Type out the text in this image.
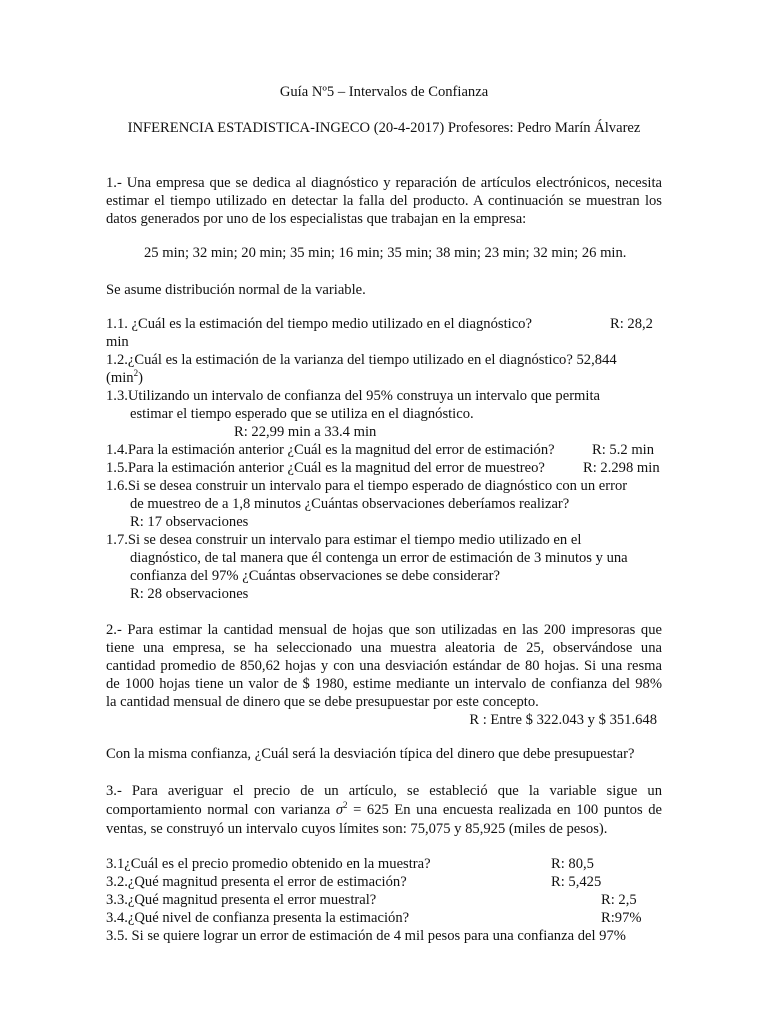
Guía Nº5 – Intervalos de Confianza
INFERENCIA ESTADISTICA-INGECO (20-4-2017) Profesores: Pedro Marín Álvarez
1.- Una empresa que se dedica al diagnóstico y reparación de artículos electrónicos, necesita
estimar el tiempo utilizado en detectar la falla del producto. A continuación se muestran los
datos generados por uno de los especialistas que trabajan en la empresa:
25 min; 32 min; 20 min; 35 min; 16 min; 35 min; 38 min; 23 min; 32 min; 26 min.
Se asume distribución normal de la variable.
1.1. ¿Cuál es la estimación del tiempo medio utilizado en el diagnóstico?	R: 28,2
min
1.2.¿Cuál es la estimación de la varianza del tiempo utilizado en el diagnóstico? 52,844
$(\min^2)$
1.3.Utilizando un intervalo de confianza del 95% construya un intervalo que permita
estimar el tiempo esperado que se utiliza en el diagnóstico.
R: 22,99 min a 33.4 min
1.4.Para la estimación anterior ¿Cuál es la magnitud del error de estimación?	R: 5.2 min
1.5.Para la estimación anterior ¿Cuál es la magnitud del error de muestreo?	R: 2.298 min
1.6.Si se desea construir un intervalo para el tiempo esperado de diagnóstico con un error
de muestreo de a 1,8 minutos ¿Cuántas observaciones deberíamos realizar?
R: 17 observaciones
1.7.Si se desea construir un intervalo para estimar el tiempo medio utilizado en el
diagnóstico, de tal manera que él contenga un error de estimación de 3 minutos y una
confianza del 97% ¿Cuántas observaciones se debe considerar?
R: 28 observaciones
2.- Para estimar la cantidad mensual de hojas que son utilizadas en las 200 impresoras que
tiene una empresa, se ha seleccionado una muestra aleatoria de 25, observándose una
cantidad promedio de 850,62 hojas y con una desviación estándar de 80 hojas. Si una resma
de 1000 hojas tiene un valor de $ 1980, estime mediante un intervalo de confianza del 98%
la cantidad mensual de dinero que se debe presupuestar por este concepto.
R : Entre $ 322.043 y $ 351.648
Con la misma confianza, ¿Cuál será la desviación típica del dinero que debe presupuestar?
3.- Para averiguar el precio de un artículo, se estableció que la variable sigue un
comportamiento normal con varianza $\sigma^2 = 625$ En una encuesta realizada en 100 puntos de
ventas, se construyó un intervalo cuyos límites son: 75,075 y 85,925 (miles de pesos).
3.1¿Cuál es el precio promedio obtenido en la muestra?	R: 80,5
3.2.¿Qué magnitud presenta el error de estimación?	R: 5,425
3.3.¿Qué magnitud presenta el error muestral?	R: 2,5
3.4.¿Qué nivel de confianza presenta la estimación?	R:97%
3.5. Si se quiere lograr un error de estimación de 4 mil pesos para una confianza del 97%
